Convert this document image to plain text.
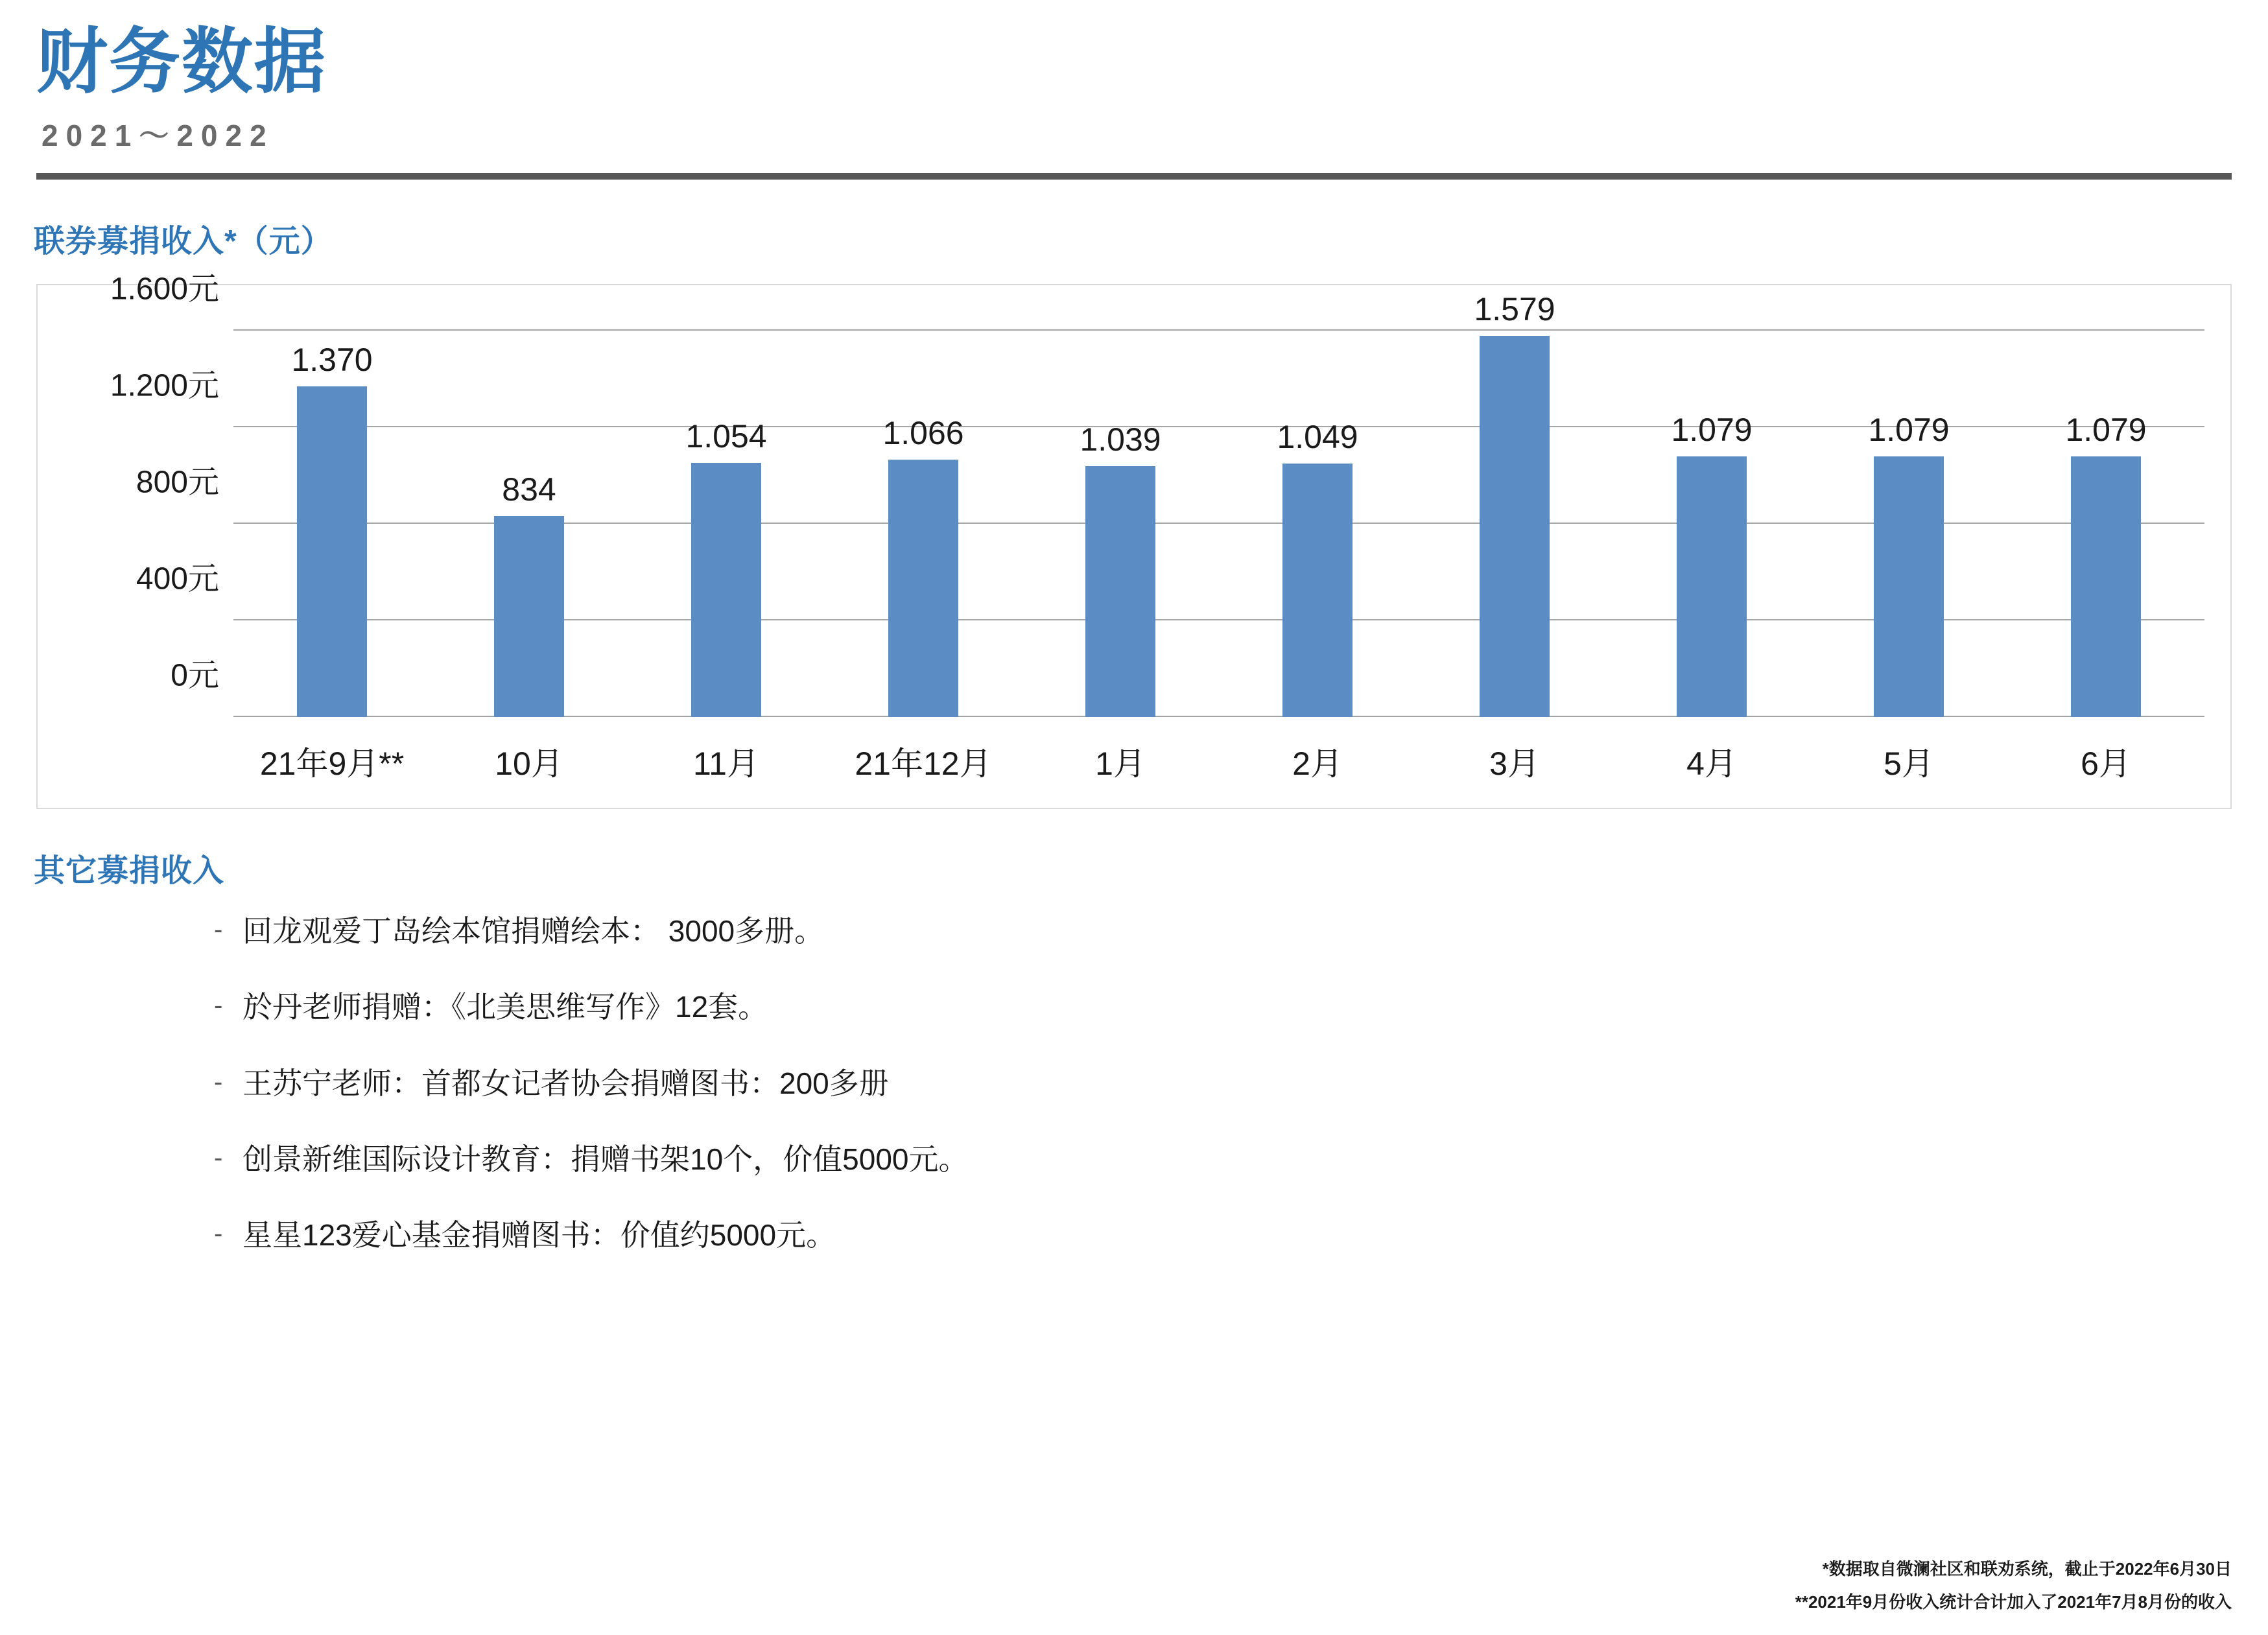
财务数据
2021～2022
联券募捐收入*（元）
0元
400元
800元
1.200元
1.600元
1.370
834
1.054	1.066	1.039	1.049
1.579
1.079	1.079	1.079
21年9月**	10月	11月	21年12月	1月	2月	3月	4月	5月	6月
其它募捐收入
- 回龙观爱丁岛绘本馆捐赠绘本： 3000多册。
- 於丹老师捐赠：《北美思维写作》12套。
- 王苏宁老师：首都女记者协会捐赠图书：200多册
- 创景新维国际设计教育：捐赠书架10个，价值5000元。
- 星星123爱心基金捐赠图书：价值约5000元。
*数据取自微澜社区和联劝系统，截止于2022年6月30日
**2021年9月份收入统计合计加入了2021年7月8月份的收入
